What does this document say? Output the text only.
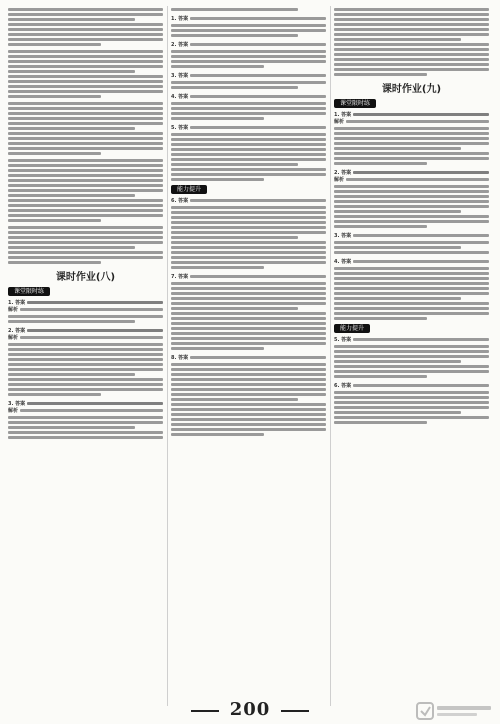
课时作业(八)
课堂限时练
1. 答案
解析
2. 答案
解析
3. 答案
解析
1. 答案
2. 答案
3. 答案
4. 答案
5. 答案
能力提升
6. 答案
7. 答案
8. 答案
课时作业(九)
课堂限时练
1. 答案
解析
2. 答案
解析
3. 答案
4. 答案
能力提升
5. 答案
6. 答案
200
